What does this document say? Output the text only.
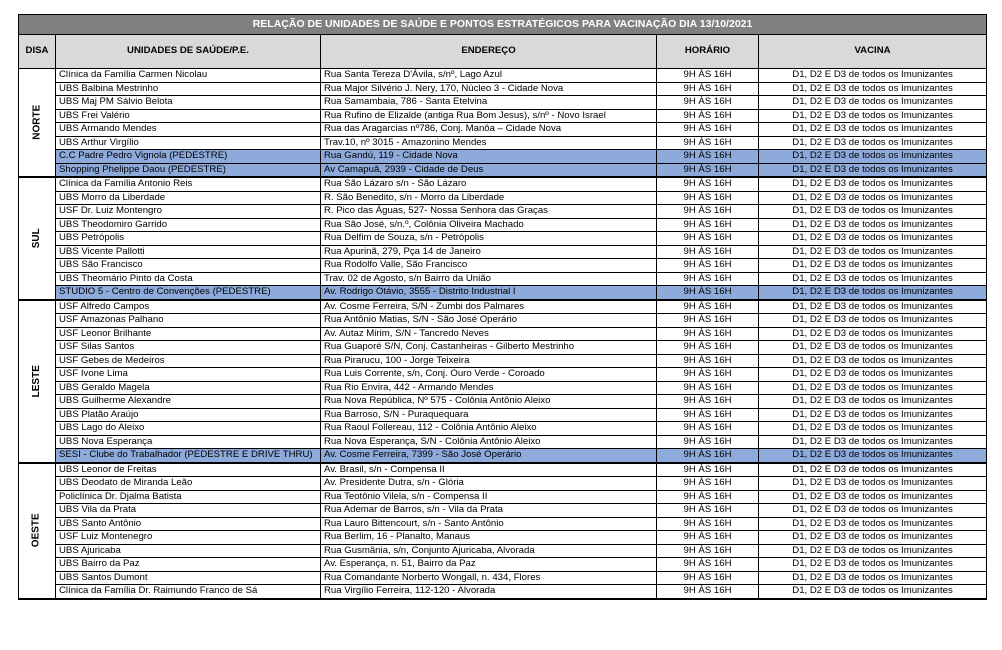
RELAÇÃO DE UNIDADES DE SAÚDE E PONTOS ESTRATÉGICOS PARA VACINAÇÃO DIA 13/10/2021				
DISA	UNIDADES DE SAÚDE/P.E.	ENDEREÇO	HORÁRIO	VACINA
NORTE	Clínica da Família Carmen Nicolau	Rua Santa Tereza D'Ávila, s/nº, Lago Azul	9H ÀS 16H	D1, D2 E D3 de todos os Imunizantes
	UBS Balbina Mestrinho	Rua Major Silvério J. Nery, 170, Núcleo 3 - Cidade Nova	9H ÀS 16H	D1, D2 E D3 de todos os Imunizantes
	UBS Maj PM Sálvio Belota	Rua Samambaia, 786 - Santa Etelvina	9H ÀS 16H	D1, D2 E D3 de todos os Imunizantes
	UBS Frei Valério	Rua Rufino de Elizalde (antiga Rua Bom Jesus), s/nº - Novo Israel	9H ÀS 16H	D1, D2 E D3 de todos os Imunizantes
	UBS Armando Mendes	Rua das Aragarcias nº786, Conj. Manôa – Cidade Nova	9H ÀS 16H	D1, D2 E D3 de todos os Imunizantes
	UBS Arthur Virgílio	Trav.10, nº 3015 - Amazonino Mendes	9H ÀS 16H	D1, D2 E D3 de todos os Imunizantes
	C.C Padre Pedro Vignola (PEDESTRE)	Rua Gandú, 119 - Cidade Nova	9H ÀS 16H	D1, D2 E D3 de todos os Imunizantes
	Shopping Phelippe Daou (PEDESTRE)	Av Camapuã, 2939 - Cidade de Deus	9H ÀS 16H	D1, D2 E D3 de todos os Imunizantes
SUL	Clínica da Família Antonio Reis	Rua São Lázaro s/n - São Lázaro	9H ÀS 16H	D1, D2 E D3 de todos os Imunizantes
	UBS Morro da Liberdade	R. São Benedito, s/n - Morro da Liberdade	9H ÀS 16H	D1, D2 E D3 de todos os Imunizantes
	USF Dr. Luiz Montengro	R. Pico das Águas, 527- Nossa Senhora das Graças	9H ÀS 16H	D1, D2 E D3 de todos os Imunizantes
	UBS Theodomiro Garrido	Rua São José, s/n.º, Colônia Oliveira Machado	9H ÀS 16H	D1, D2 E D3 de todos os Imunizantes
	UBS Petrópolis	Rua Delfim de Souza, s/n - Petrópolis	9H ÀS 16H	D1, D2 E D3 de todos os Imunizantes
	UBS Vicente Pallotti	Rua Apurinã, 279, Pça 14 de Janeiro	9H ÀS 16H	D1, D2 E D3 de todos os Imunizantes
	UBS São Francisco	Rua Rodolfo Valle, São Francisco	9H ÀS 16H	D1, D2 E D3 de todos os Imunizantes
	UBS Theomário Pinto da Costa	Trav. 02 de Agosto, s/n Bairro da União	9H ÀS 16H	D1, D2 E D3 de todos os Imunizantes
	STUDIO 5 - Centro de Convenções (PEDESTRE)	Av. Rodrigo Otávio, 3555 - Distrito Industrial I	9H ÀS 16H	D1, D2 E D3 de todos os Imunizantes
LESTE	USF Alfredo Campos	Av. Cosme Ferreira, S/N - Zumbi dos Palmares	9H ÀS 16H	D1, D2 E D3 de todos os Imunizantes
	USF Amazonas Palhano	Rua Antônio Matias, S/N - São José Operário	9H ÀS 16H	D1, D2 E D3 de todos os Imunizantes
	USF Leonor Brilhante	Av. Autaz Mirim, S/N - Tancredo Neves	9H ÀS 16H	D1, D2 E D3 de todos os Imunizantes
	USF Silas Santos	Rua Guaporé S/N, Conj. Castanheiras - Gilberto Mestrinho	9H ÀS 16H	D1, D2 E D3 de todos os Imunizantes
	USF Gebes de Medeiros	Rua Pirarucu, 100 - Jorge Teixeira	9H ÀS 16H	D1, D2 E D3 de todos os Imunizantes
	USF Ivone Lima	Rua Luis Corrente, s/n, Conj. Ouro Verde - Coroado	9H ÀS 16H	D1, D2 E D3 de todos os Imunizantes
	UBS Geraldo Magela	Rua Rio Envira, 442 - Armando Mendes	9H ÀS 16H	D1, D2 E D3 de todos os Imunizantes
	UBS Guilherme Alexandre	Rua Nova República, Nº 575 - Colônia Antônio Aleixo	9H ÀS 16H	D1, D2 E D3 de todos os Imunizantes
	UBS Platão Araújo	Rua Barroso, S/N - Puraquequara	9H ÀS 16H	D1, D2 E D3 de todos os Imunizantes
	UBS Lago do Aleixo	Rua Raoul Follereau, 112 - Colônia Antônio Aleixo	9H ÀS 16H	D1, D2 E D3 de todos os Imunizantes
	UBS Nova Esperança	Rua Nova Esperança, S/N - Colônia Antônio Aleixo	9H ÀS 16H	D1, D2 E D3 de todos os Imunizantes
	SESI - Clube do Trabalhador (PEDESTRE E DRIVE THRU)	Av. Cosme Ferreira, 7399 - São José Operário	9H ÀS 16H	D1, D2 E D3 de todos os Imunizantes
OESTE	UBS Leonor de Freitas	Av. Brasil, s/n - Compensa II	9H ÀS 16H	D1, D2 E D3 de todos os Imunizantes
	UBS Deodato de Miranda Leão	Av. Presidente Dutra, s/n - Glória	9H ÀS 16H	D1, D2 E D3 de todos os Imunizantes
	Policlínica Dr. Djalma Batista	Rua Teotônio Vilela, s/n - Compensa II	9H ÀS 16H	D1, D2 E D3 de todos os Imunizantes
	UBS Vila da Prata	Rua Ademar de Barros, s/n - Vila da Prata	9H ÀS 16H	D1, D2 E D3 de todos os Imunizantes
	UBS Santo Antônio	Rua Lauro Bittencourt, s/n - Santo Antônio	9H ÀS 16H	D1, D2 E D3 de todos os Imunizantes
	USF Luiz Montenegro	Rua Berlim, 16 - Planalto, Manaus	9H ÀS 16H	D1, D2 E D3 de todos os Imunizantes
	UBS Ajuricaba	Rua Gusmânia, s/n, Conjunto Ajuricaba, Alvorada	9H ÀS 16H	D1, D2 E D3 de todos os Imunizantes
	UBS Bairro da Paz	Av. Esperança, n. 51, Bairro da Paz	9H ÀS 16H	D1, D2 E D3 de todos os Imunizantes
	UBS Santos Dumont	Rua Comandante Norberto Wongall, n. 434, Flores	9H ÀS 16H	D1, D2 E D3 de todos os Imunizantes
	Clínica da Família Dr. Raimundo Franco de Sá	Rua Virgílio Ferreira, 112-120 - Alvorada	9H ÀS 16H	D1, D2 E D3 de todos os Imunizantes
